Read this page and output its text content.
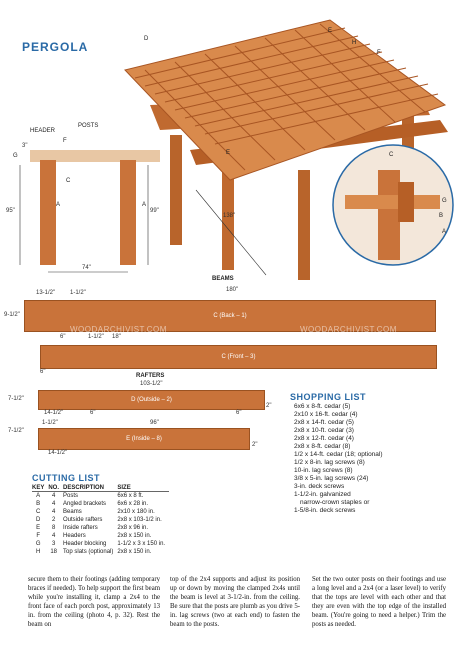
PERGOLA
D
H
F
E
E	C
G
B
A
138"
HEADER
POSTS
3"
G
F
C
A	A
95"	99"
74"
BEAMS
180"
13-1/2" 1-1/2"
9-1/2"	C (Back – 1)
WOODARCHIVIST.COM	WOODARCHIVIST.COM
6"	18"
1-1/2"
C (Front – 3)
6"
RAFTERS
103-1/2"
7-1/2"	D (Outside – 2)
14-1/2"	6"	6"
2"
96"
1-1/2"
7-1/2"
E (Inside – 8)
14-1/2"
2"
CUTTING LIST
KEY	NO.	DESCRIPTION	SIZE
A	4	Posts	6x6 x 8 ft.
B	4	Angled brackets	6x6 x 28 in.
C	4	Beams	2x10 x 180 in.
D	2	Outside rafters	2x8 x 103-1/2 in.
E	8	Inside rafters	2x8 x 96 in.
F	4	Headers	2x8 x 150 in.
G	3	Header blocking	1-1/2 x 3 x 150 in.
H	18	Top slats (optional)	2x8 x 150 in.
SHOPPING LIST
6x6 x 8-ft. cedar (5)
2x10 x 16-ft. cedar (4)
2x8 x 14-ft. cedar (5)
2x8 x 10-ft. cedar (3)
2x8 x 12-ft. cedar (4)
2x8 x 8-ft. cedar (8)
1/2 x 14-ft. cedar (18; optional)
1/2 x 8-in. lag screws (8)
10-in. lag screws (8)
3/8 x 5-in. lag screws (24)
3-in. deck screws
1-1/2-in. galvanized
narrow-crown staples or
1-5/8-in. deck screws
secure them to their footings (adding temporary braces if needed). To help support the first beam while you're installing it, clamp a 2x4 to the front face of each porch post, approximately 13 in. from the ceiling (photo 4, p. 32). Rest the beam on
top of the 2x4 supports and adjust its position up or down by moving the clamped 2x4s until the beam is level at 3-1/2-in. from the ceiling. Be sure that the posts are plumb as you drive 5-in. lag screws (two at each end) to fasten the beam to the posts.
Set the two outer posts on their footings and use a long level and a 2x4 (or a laser level) to verify that the tops are level with each other and that they are even with the top edge of the installed beam. (You're going to need a helper.) Trim the posts as needed.
